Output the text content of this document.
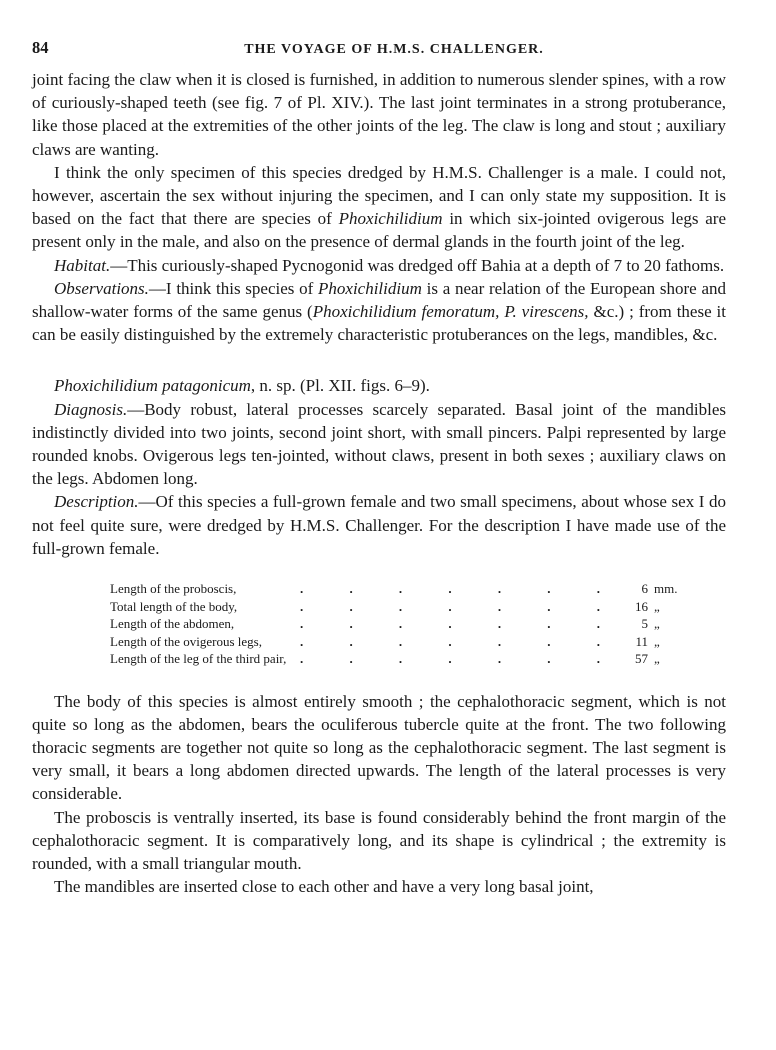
84	THE VOYAGE OF H.M.S. CHALLENGER.

joint facing the claw when it is closed is furnished, in addition to numerous slender spines, with a row of curiously-shaped teeth (see fig. 7 of Pl. XIV.). The last joint terminates in a strong protuberance, like those placed at the extremities of the other joints of the leg. The claw is long and stout ; auxiliary claws are wanting.

I think the only specimen of this species dredged by H.M.S. Challenger is a male. I could not, however, ascertain the sex without injuring the specimen, and I can only state my supposition. It is based on the fact that there are species of Phoxichilidium in which six-jointed ovigerous legs are present only in the male, and also on the presence of dermal glands in the fourth joint of the leg.

Habitat.—This curiously-shaped Pycnogonid was dredged off Bahia at a depth of 7 to 20 fathoms.

Observations.—I think this species of Phoxichilidium is a near relation of the European shore and shallow-water forms of the same genus (Phoxichilidium femoratum, P. virescens, &c.) ; from these it can be easily distinguished by the extremely characteristic protuberances on the legs, mandibles, &c.

Phoxichilidium patagonicum, n. sp. (Pl. XII. figs. 6–9).

Diagnosis.—Body robust, lateral processes scarcely separated. Basal joint of the mandibles indistinctly divided into two joints, second joint short, with small pincers. Palpi represented by large rounded knobs. Ovigerous legs ten-jointed, without claws, present in both sexes ; auxiliary claws on the legs. Abdomen long.

Description.—Of this species a full-grown female and two small specimens, about whose sex I do not feel quite sure, were dredged by H.M.S. Challenger. For the description I have made use of the full-grown female.

Length of the proboscis,	.	.	.	.	.	.	.	6 mm.
Total length of the body,	.	.	.	.	.	.	.	16 „
Length of the abdomen,	.	.	.	.	.	.	.	5 „
Length of the ovigerous legs,	.	.	.	.	.	.	.	11 „
Length of the leg of the third pair,	.	.	.	.	.	.	.	57 „

The body of this species is almost entirely smooth ; the cephalothoracic segment, which is not quite so long as the abdomen, bears the oculiferous tubercle quite at the front. The two following thoracic segments are together not quite so long as the cephalothoracic segment. The last segment is very small, it bears a long abdomen directed upwards. The length of the lateral processes is very considerable.

The proboscis is ventrally inserted, its base is found considerably behind the front margin of the cephalothoracic segment. It is comparatively long, and its shape is cylindrical ; the extremity is rounded, with a small triangular mouth.

The mandibles are inserted close to each other and have a very long basal joint,
